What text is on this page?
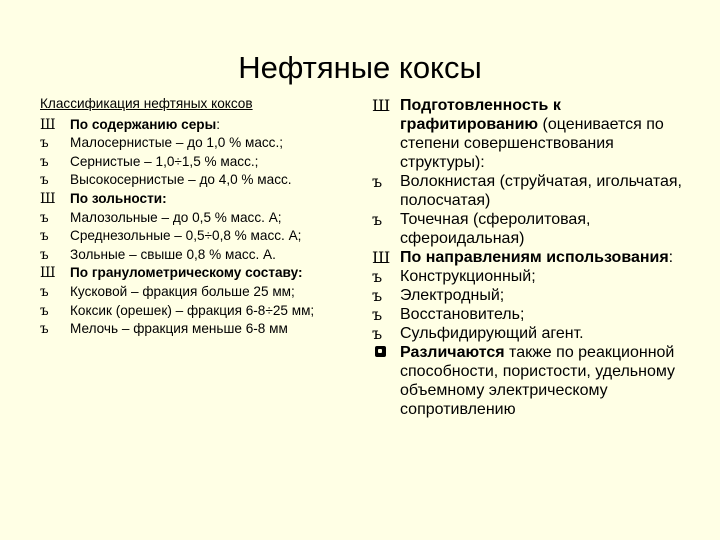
Нефтяные коксы
Классификация нефтяных коксов
Ш	По содержанию серы:
ъ	Малосернистые – до 1,0 % масс.;
ъ	Сернистые – 1,0÷1,5 % масс.;
ъ	Высокосернистые – до 4,0 % масс.
Ш	По зольности:
ъ	Малозольные – до 0,5 % масс. А;
ъ	Среднезольные – 0,5÷0,8 % масс. А;
ъ	Зольные – свыше 0,8 % масс. А.
Ш	По гранулометрическому составу:
ъ	Кусковой – фракция больше 25 мм;
ъ	Коксик (орешек) – фракция 6-8÷25 мм;
ъ	Мелочь – фракция меньше 6-8 мм
Ш Подготовленность к графитированию (оценивается по степени совершенствования структуры):
ъ	Волокнистая (струйчатая, игольчатая, полосчатая)
ъ	Точечная (сферолитовая, сфероидальная)
Ш По направлениям использования:
ъ	Конструкционный;
ъ	Электродный;
ъ	Восстановитель;
ъ	Сульфидирующий агент.
Различаются также по реакционной способности, пористости, удельному объемному электрическому сопротивлению
